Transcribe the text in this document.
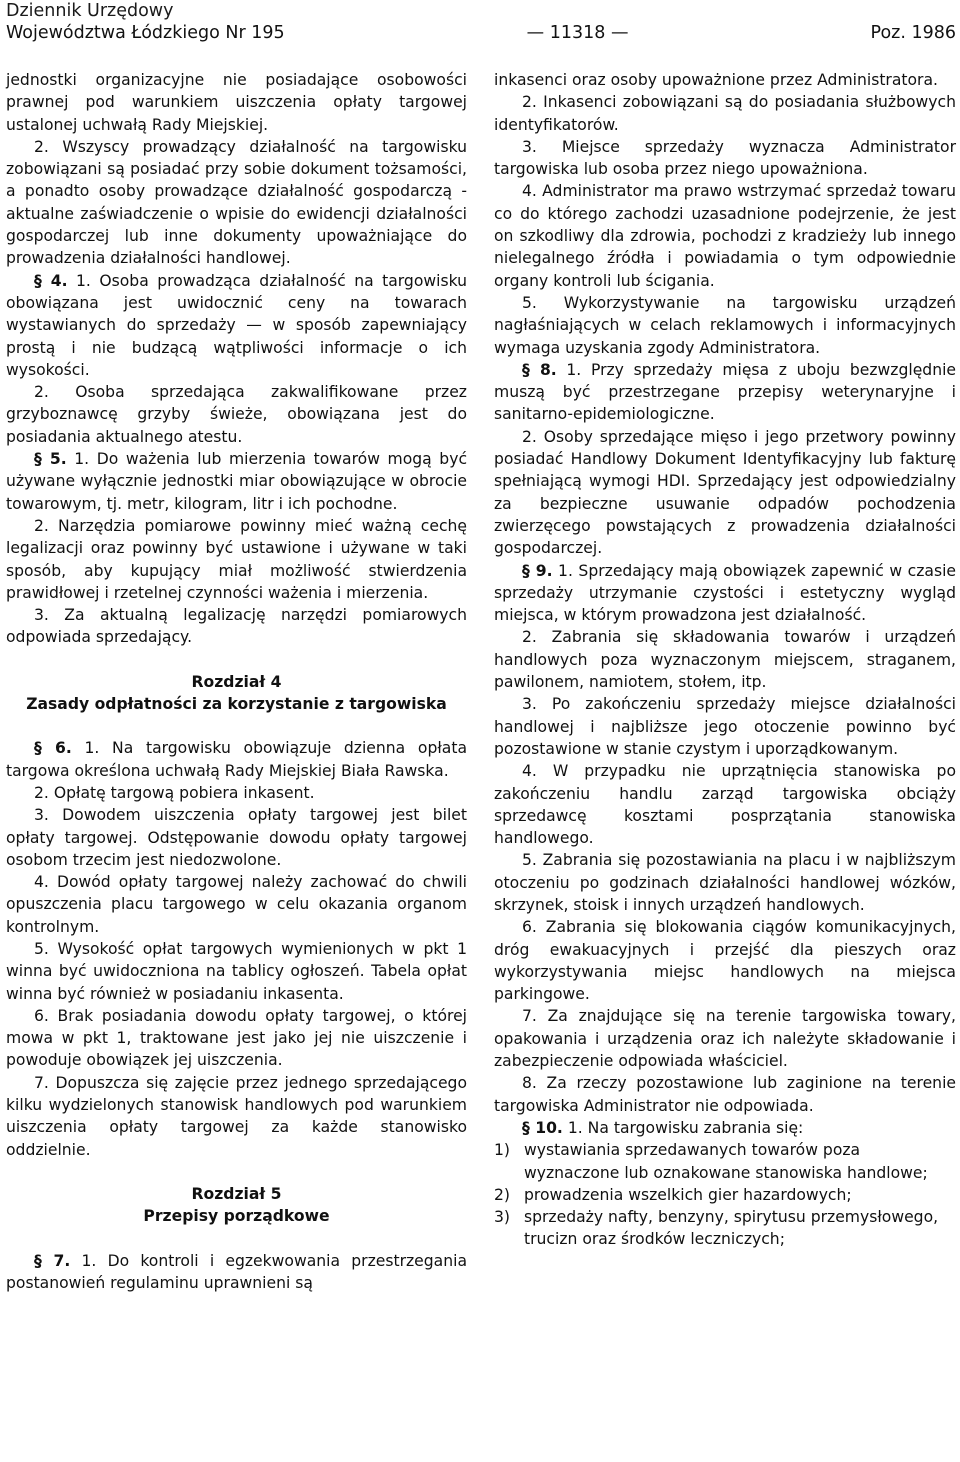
Dziennik Urzędowy
Województwa Łódzkiego Nr 195	— 11318 —	Poz. 1986

jednostki organizacyjne nie posiadające osobowości prawnej pod warunkiem uiszczenia opłaty targowej ustalonej uchwałą Rady Miejskiej.

2. Wszyscy prowadzący działalność na targowisku zobowiązani są posiadać przy sobie dokument tożsamości, a ponadto osoby prowadzące działalność gospodarczą - aktualne zaświadczenie o wpisie do ewidencji działalności gospodarczej lub inne dokumenty upoważniające do prowadzenia działalności handlowej.

§ 4. 1. Osoba prowadząca działalność na targowisku obowiązana jest uwidocznić ceny na towarach wystawianych do sprzedaży — w sposób zapewniający prostą i nie budzącą wątpliwości informacje o ich wysokości.

2. Osoba sprzedająca zakwalifikowane przez grzyboznawcę grzyby świeże, obowiązana jest do posiadania aktualnego atestu.

§ 5. 1. Do ważenia lub mierzenia towarów mogą być używane wyłącznie jednostki miar obowiązujące w obrocie towarowym, tj. metr, kilogram, litr i ich pochodne.

2. Narzędzia pomiarowe powinny mieć ważną cechę legalizacji oraz powinny być ustawione i używane w taki sposób, aby kupujący miał możliwość stwierdzenia prawidłowej i rzetelnej czynności ważenia i mierzenia.

3. Za aktualną legalizację narzędzi pomiarowych odpowiada sprzedający.

Rozdział 4
Zasady odpłatności za korzystanie z targowiska

§ 6. 1. Na targowisku obowiązuje dzienna opłata targowa określona uchwałą Rady Miejskiej Biała Rawska.

2. Opłatę targową pobiera inkasent.

3. Dowodem uiszczenia opłaty targowej jest bilet opłaty targowej. Odstępowanie dowodu opłaty targowej osobom trzecim jest niedozwolone.

4. Dowód opłaty targowej należy zachować do chwili opuszczenia placu targowego w celu okazania organom kontrolnym.

5. Wysokość opłat targowych wymienionych w pkt 1 winna być uwidoczniona na tablicy ogłoszeń. Tabela opłat winna być również w posiadaniu inkasenta.

6. Brak posiadania dowodu opłaty targowej, o której mowa w pkt 1, traktowane jest jako jej nie uiszczenie i powoduje obowiązek jej uiszczenia.

7. Dopuszcza się zajęcie przez jednego sprzedającego kilku wydzielonych stanowisk handlowych pod warunkiem uiszczenia opłaty targowej za każde stanowisko oddzielnie.

Rozdział 5
Przepisy porządkowe

§ 7. 1. Do kontroli i egzekwowania przestrzegania postanowień regulaminu uprawnieni są

inkasenci oraz osoby upoważnione przez Administratora.

2. Inkasenci zobowiązani są do posiadania służbowych identyfikatorów.

3. Miejsce sprzedaży wyznacza Administrator targowiska lub osoba przez niego upoważniona.

4. Administrator ma prawo wstrzymać sprzedaż towaru co do którego zachodzi uzasadnione podejrzenie, że jest on szkodliwy dla zdrowia, pochodzi z kradzieży lub innego nielegalnego źródła i powiadamia o tym odpowiednie organy kontroli lub ścigania.

5. Wykorzystywanie na targowisku urządzeń nagłaśniających w celach reklamowych i informacyjnych wymaga uzyskania zgody Administratora.

§ 8. 1. Przy sprzedaży mięsa z uboju bezwzględnie muszą być przestrzegane przepisy weterynaryjne i sanitarno-epidemiologiczne.

2. Osoby sprzedające mięso i jego przetwory powinny posiadać Handlowy Dokument Identyfikacyjny lub fakturę spełniającą wymogi HDI. Sprzedający jest odpowiedzialny za bezpieczne usuwanie odpadów pochodzenia zwierzęcego powstających z prowadzenia działalności gospodarczej.

§ 9. 1. Sprzedający mają obowiązek zapewnić w czasie sprzedaży utrzymanie czystości i estetyczny wygląd miejsca, w którym prowadzona jest działalność.

2. Zabrania się składowania towarów i urządzeń handlowych poza wyznaczonym miejscem, straganem, pawilonem, namiotem, stołem, itp.

3. Po zakończeniu sprzedaży miejsce działalności handlowej i najbliższe jego otoczenie powinno być pozostawione w stanie czystym i uporządkowanym.

4. W przypadku nie uprzątnięcia stanowiska po zakończeniu handlu zarząd targowiska obciąży sprzedawcę kosztami posprzątania stanowiska handlowego.

5. Zabrania się pozostawiania na placu i w najbliższym otoczeniu po godzinach działalności handlowej wózków, skrzynek, stoisk i innych urządzeń handlowych.

6. Zabrania się blokowania ciągów komunikacyjnych, dróg ewakuacyjnych i przejść dla pieszych oraz wykorzystywania miejsc handlowych na miejsca parkingowe.

7. Za znajdujące się na terenie targowiska towary, opakowania i urządzenia oraz ich należyte składowanie i zabezpieczenie odpowiada właściciel.

8. Za rzeczy pozostawione lub zaginione na terenie targowiska Administrator nie odpowiada.

§ 10. 1. Na targowisku zabrania się:

1) wystawiania sprzedawanych towarów poza wyznaczone lub oznakowane stanowiska handlowe;
2) prowadzenia wszelkich gier hazardowych;
3) sprzedaży nafty, benzyny, spirytusu przemysłowego, trucizn oraz środków leczniczych;
